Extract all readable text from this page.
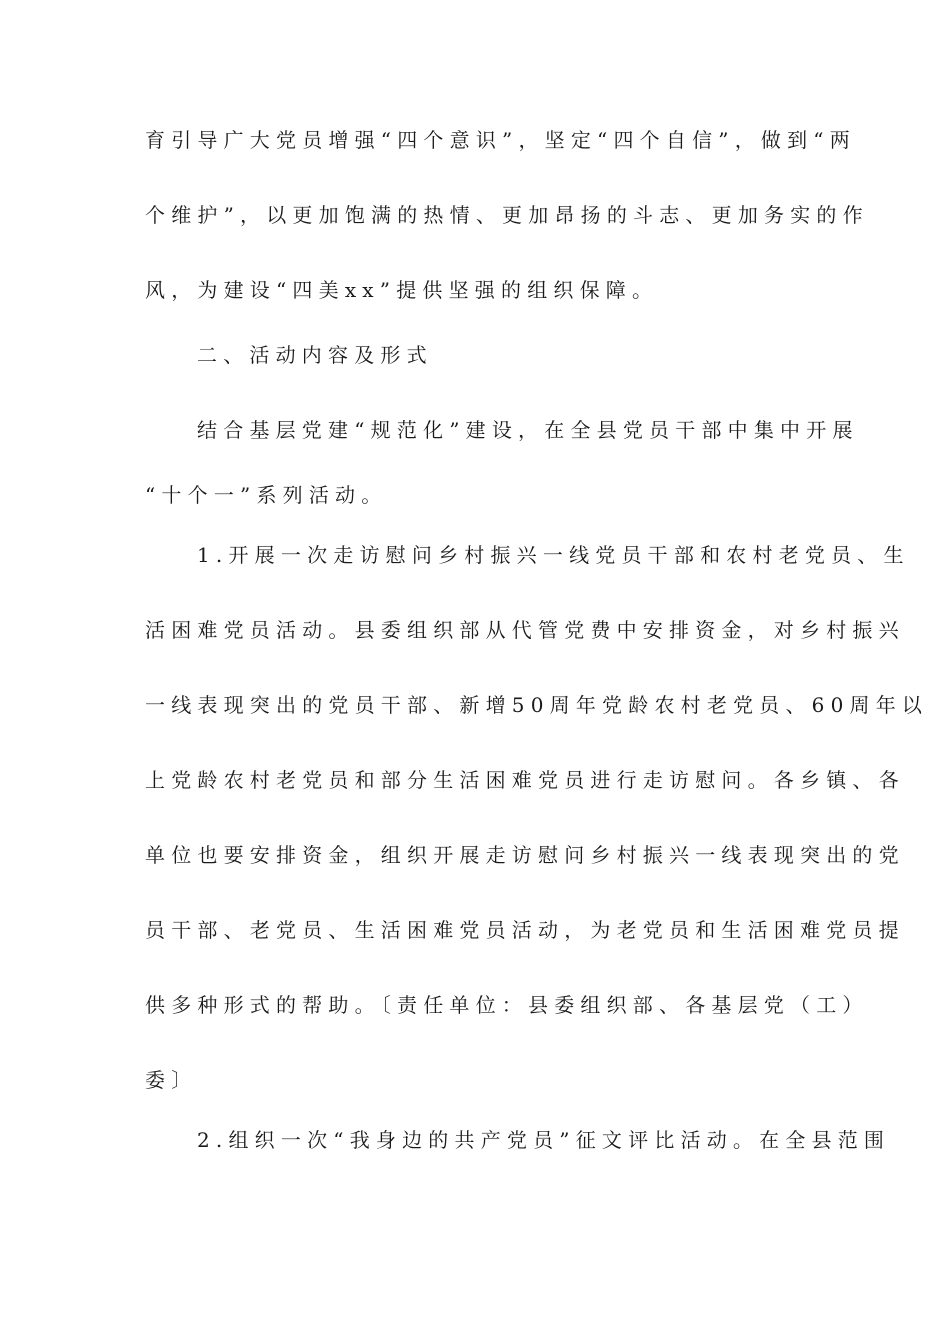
育引导广大党员增强“四个意识”，坚定“四个自信”，做到“两
个维护”，以更加饱满的热情、更加昂扬的斗志、更加务实的作
风，为建设“四美xx”提供坚强的组织保障。
二、活动内容及形式
结合基层党建“规范化”建设，在全县党员干部中集中开展
“十个一”系列活动。
1.开展一次走访慰问乡村振兴一线党员干部和农村老党员、生
活困难党员活动。县委组织部从代管党费中安排资金，对乡村振兴
一线表现突出的党员干部、新增50周年党龄农村老党员、60周年以
上党龄农村老党员和部分生活困难党员进行走访慰问。各乡镇、各
单位也要安排资金，组织开展走访慰问乡村振兴一线表现突出的党
员干部、老党员、生活困难党员活动，为老党员和生活困难党员提
供多种形式的帮助。〔责任单位：县委组织部、各基层党（工）
委〕
2.组织一次“我身边的共产党员”征文评比活动。在全县范围
